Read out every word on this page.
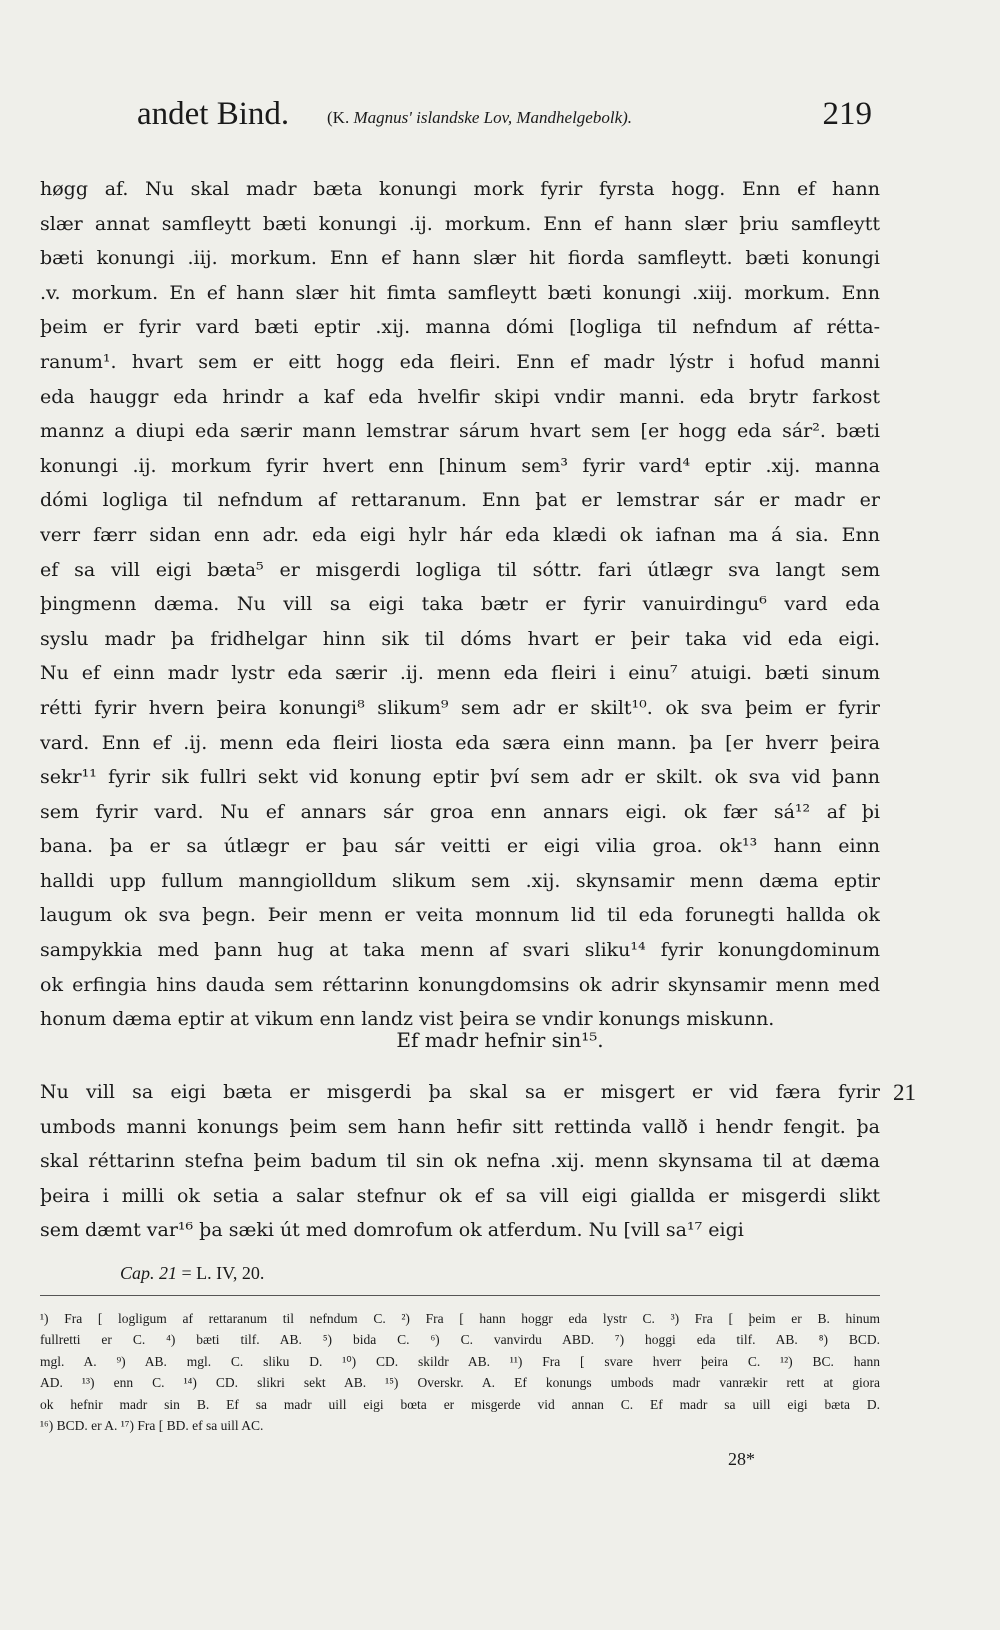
andet Bind. (K. Magnus' islandske Lov, Mandhelgebolk).	219
høgg af. Nu skal madr bæta konungi mork fyrir fyrsta hogg. Enn ef hann
slær annat samfleytt bæti konungi .ij. morkum. Enn ef hann slær þriu samfleytt
bæti konungi .iij. morkum. Enn ef hann slær hit fiorda samfleytt. bæti konungi
.v. morkum. En ef hann slær hit fimta samfleytt bæti konungi .xiij. morkum. Enn
þeim er fyrir vard bæti eptir .xij. manna dómi [logliga til nefndum af rétta-
ranum¹. hvart sem er eitt hogg eda fleiri. Enn ef madr lýstr i hofud manni
eda hauggr eda hrindr a kaf eda hvelfir skipi vndir manni. eda brytr farkost
mannz a diupi eda særir mann lemstrar sárum hvart sem [er hogg eda sár². bæti
konungi .ij. morkum fyrir hvert enn [hinum sem³ fyrir vard⁴ eptir .xij. manna
dómi logliga til nefndum af rettaranum. Enn þat er lemstrar sár er madr er
verr færr sidan enn adr. eda eigi hylr hár eda klædi ok iafnan ma á sia. Enn
ef sa vill eigi bæta⁵ er misgerdi logliga til sóttr. fari útlægr sva langt sem
þingmenn dæma. Nu vill sa eigi taka bætr er fyrir vanuirdingu⁶ vard eda
syslu madr þa fridhelgar hinn sik til dóms hvart er þeir taka vid eda eigi.
Nu ef einn madr lystr eda særir .ij. menn eda fleiri i einu⁷ atuigi. bæti sinum
rétti fyrir hvern þeira konungi⁸ slikum⁹ sem adr er skilt¹⁰. ok sva þeim er fyrir
vard. Enn ef .ij. menn eda fleiri liosta eda særa einn mann. þa [er hverr þeira
sekr¹¹ fyrir sik fullri sekt vid konung eptir því sem adr er skilt. ok sva vid þann
sem fyrir vard. Nu ef annars sár groa enn annars eigi. ok fær sá¹² af þi
bana. þa er sa útlægr er þau sár veitti er eigi vilia groa. ok¹³ hann einn
halldi upp fullum manngiolldum slikum sem .xij. skynsamir menn dæma eptir
laugum ok sva þegn. Þeir menn er veita monnum lid til eda forunegti hallda ok
sampykkia med þann hug at taka menn af svari sliku¹⁴ fyrir konungdominum
ok erfingia hins dauda sem réttarinn konungdomsins ok adrir skynsamir menn med
honum dæma eptir at vikum enn landz vist þeira se vndir konungs miskunn.
Ef madr hefnir sin¹⁵.
Nu vill sa eigi bæta er misgerdi þa skal sa er misgert er vid færa fyrir
umbods manni konungs þeim sem hann hefir sitt rettinda vallð i hendr fengit. þa
skal réttarinn stefna þeim badum til sin ok nefna .xij. menn skynsama til at dæma
þeira i milli ok setia a salar stefnur ok ef sa vill eigi giallda er misgerdi slikt
sem dæmt var¹⁶ þa sæki út med domrofum ok atferdum. Nu [vill sa¹⁷ eigi
21
Cap. 21 = L. IV, 20.
¹) Fra [ logligum af rettaranum til nefndum C. ²) Fra [ hann hoggr eda lystr C. ³) Fra [ þeim er B. hinum
fullretti er C. ⁴) bæti tilf. AB. ⁵) bida C. ⁶) C. vanvirdu ABD. ⁷) hoggi eda tilf. AB. ⁸) BCD.
mgl. A. ⁹) AB. mgl. C. sliku D. ¹⁰) CD. skildr AB. ¹¹) Fra [ svare hverr þeira C. ¹²) BC. hann
AD. ¹³) enn C. ¹⁴) CD. slikri sekt AB. ¹⁵) Overskr. A. Ef konungs umbods madr vanrækir rett at giora
ok hefnir madr sin B. Ef sa madr uill eigi bœta er misgerde vid annan C. Ef madr sa uill eigi bæta D.
¹⁶) BCD. er A. ¹⁷) Fra [ BD. ef sa uill AC.
28*
